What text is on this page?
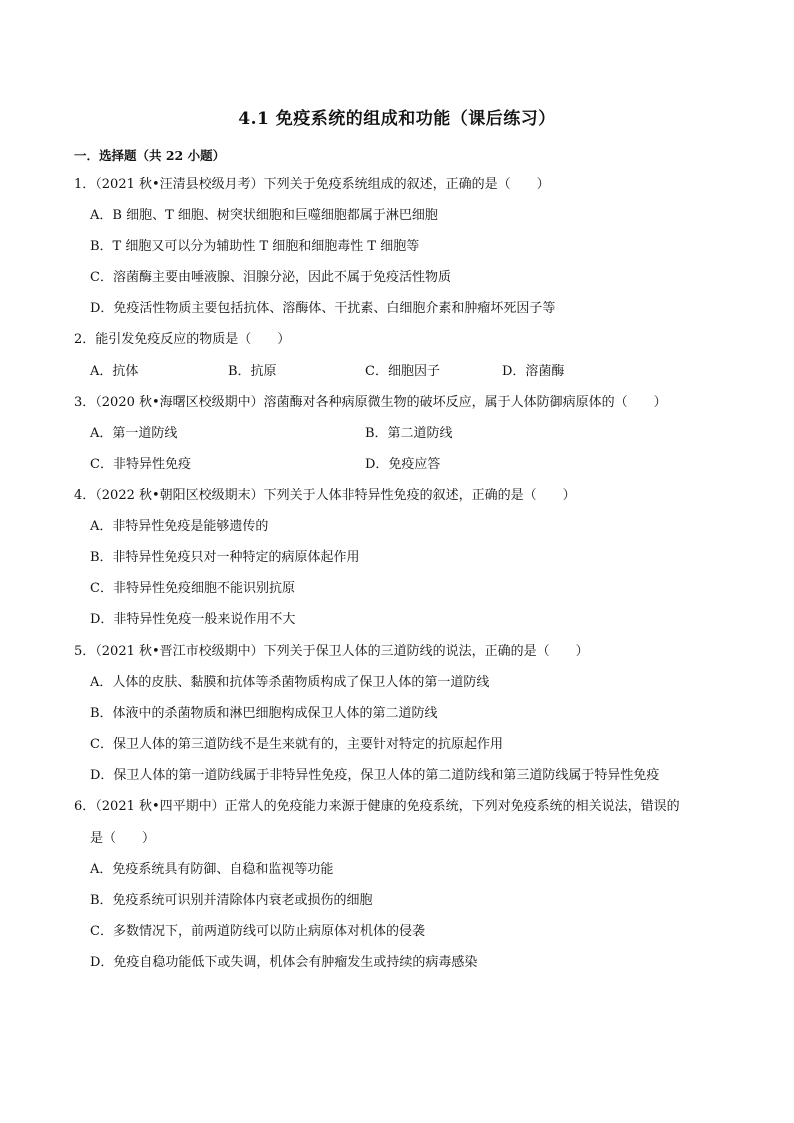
4.1 免疫系统的组成和功能（课后练习）
一．选择题（共 22 小题）
1．（2021 秋•汪清县校级月考）下列关于免疫系统组成的叙述，正确的是（　　）
A．B 细胞、T 细胞、树突状细胞和巨噬细胞都属于淋巴细胞
B．T 细胞又可以分为辅助性 T 细胞和细胞毒性 T 细胞等
C．溶菌酶主要由唾液腺、泪腺分泌，因此不属于免疫活性物质
D．免疫活性物质主要包括抗体、溶酶体、干扰素、白细胞介素和肿瘤坏死因子等
2．能引发免疫反应的物质是（　　）
A．抗体	B．抗原	C．细胞因子	D．溶菌酶
3．（2020 秋•海曙区校级期中）溶菌酶对各种病原微生物的破坏反应，属于人体防御病原体的（　　）
A．第一道防线	B．第二道防线
C．非特异性免疫	D．免疫应答
4．（2022 秋•朝阳区校级期末）下列关于人体非特异性免疫的叙述，正确的是（　　）
A．非特异性免疫是能够遗传的
B．非特异性免疫只对一种特定的病原体起作用
C．非特异性免疫细胞不能识别抗原
D．非特异性免疫一般来说作用不大
5．（2021 秋•晋江市校级期中）下列关于保卫人体的三道防线的说法，正确的是（　　）
A．人体的皮肤、黏膜和抗体等杀菌物质构成了保卫人体的第一道防线
B．体液中的杀菌物质和淋巴细胞构成保卫人体的第二道防线
C．保卫人体的第三道防线不是生来就有的，主要针对特定的抗原起作用
D．保卫人体的第一道防线属于非特异性免疫，保卫人体的第二道防线和第三道防线属于特异性免疫
6．（2021 秋•四平期中）正常人的免疫能力来源于健康的免疫系统，下列对免疫系统的相关说法，错误的
是（　　）
A．免疫系统具有防御、自稳和监视等功能
B．免疫系统可识别并清除体内衰老或损伤的细胞
C．多数情况下，前两道防线可以防止病原体对机体的侵袭
D．免疫自稳功能低下或失调，机体会有肿瘤发生或持续的病毒感染
